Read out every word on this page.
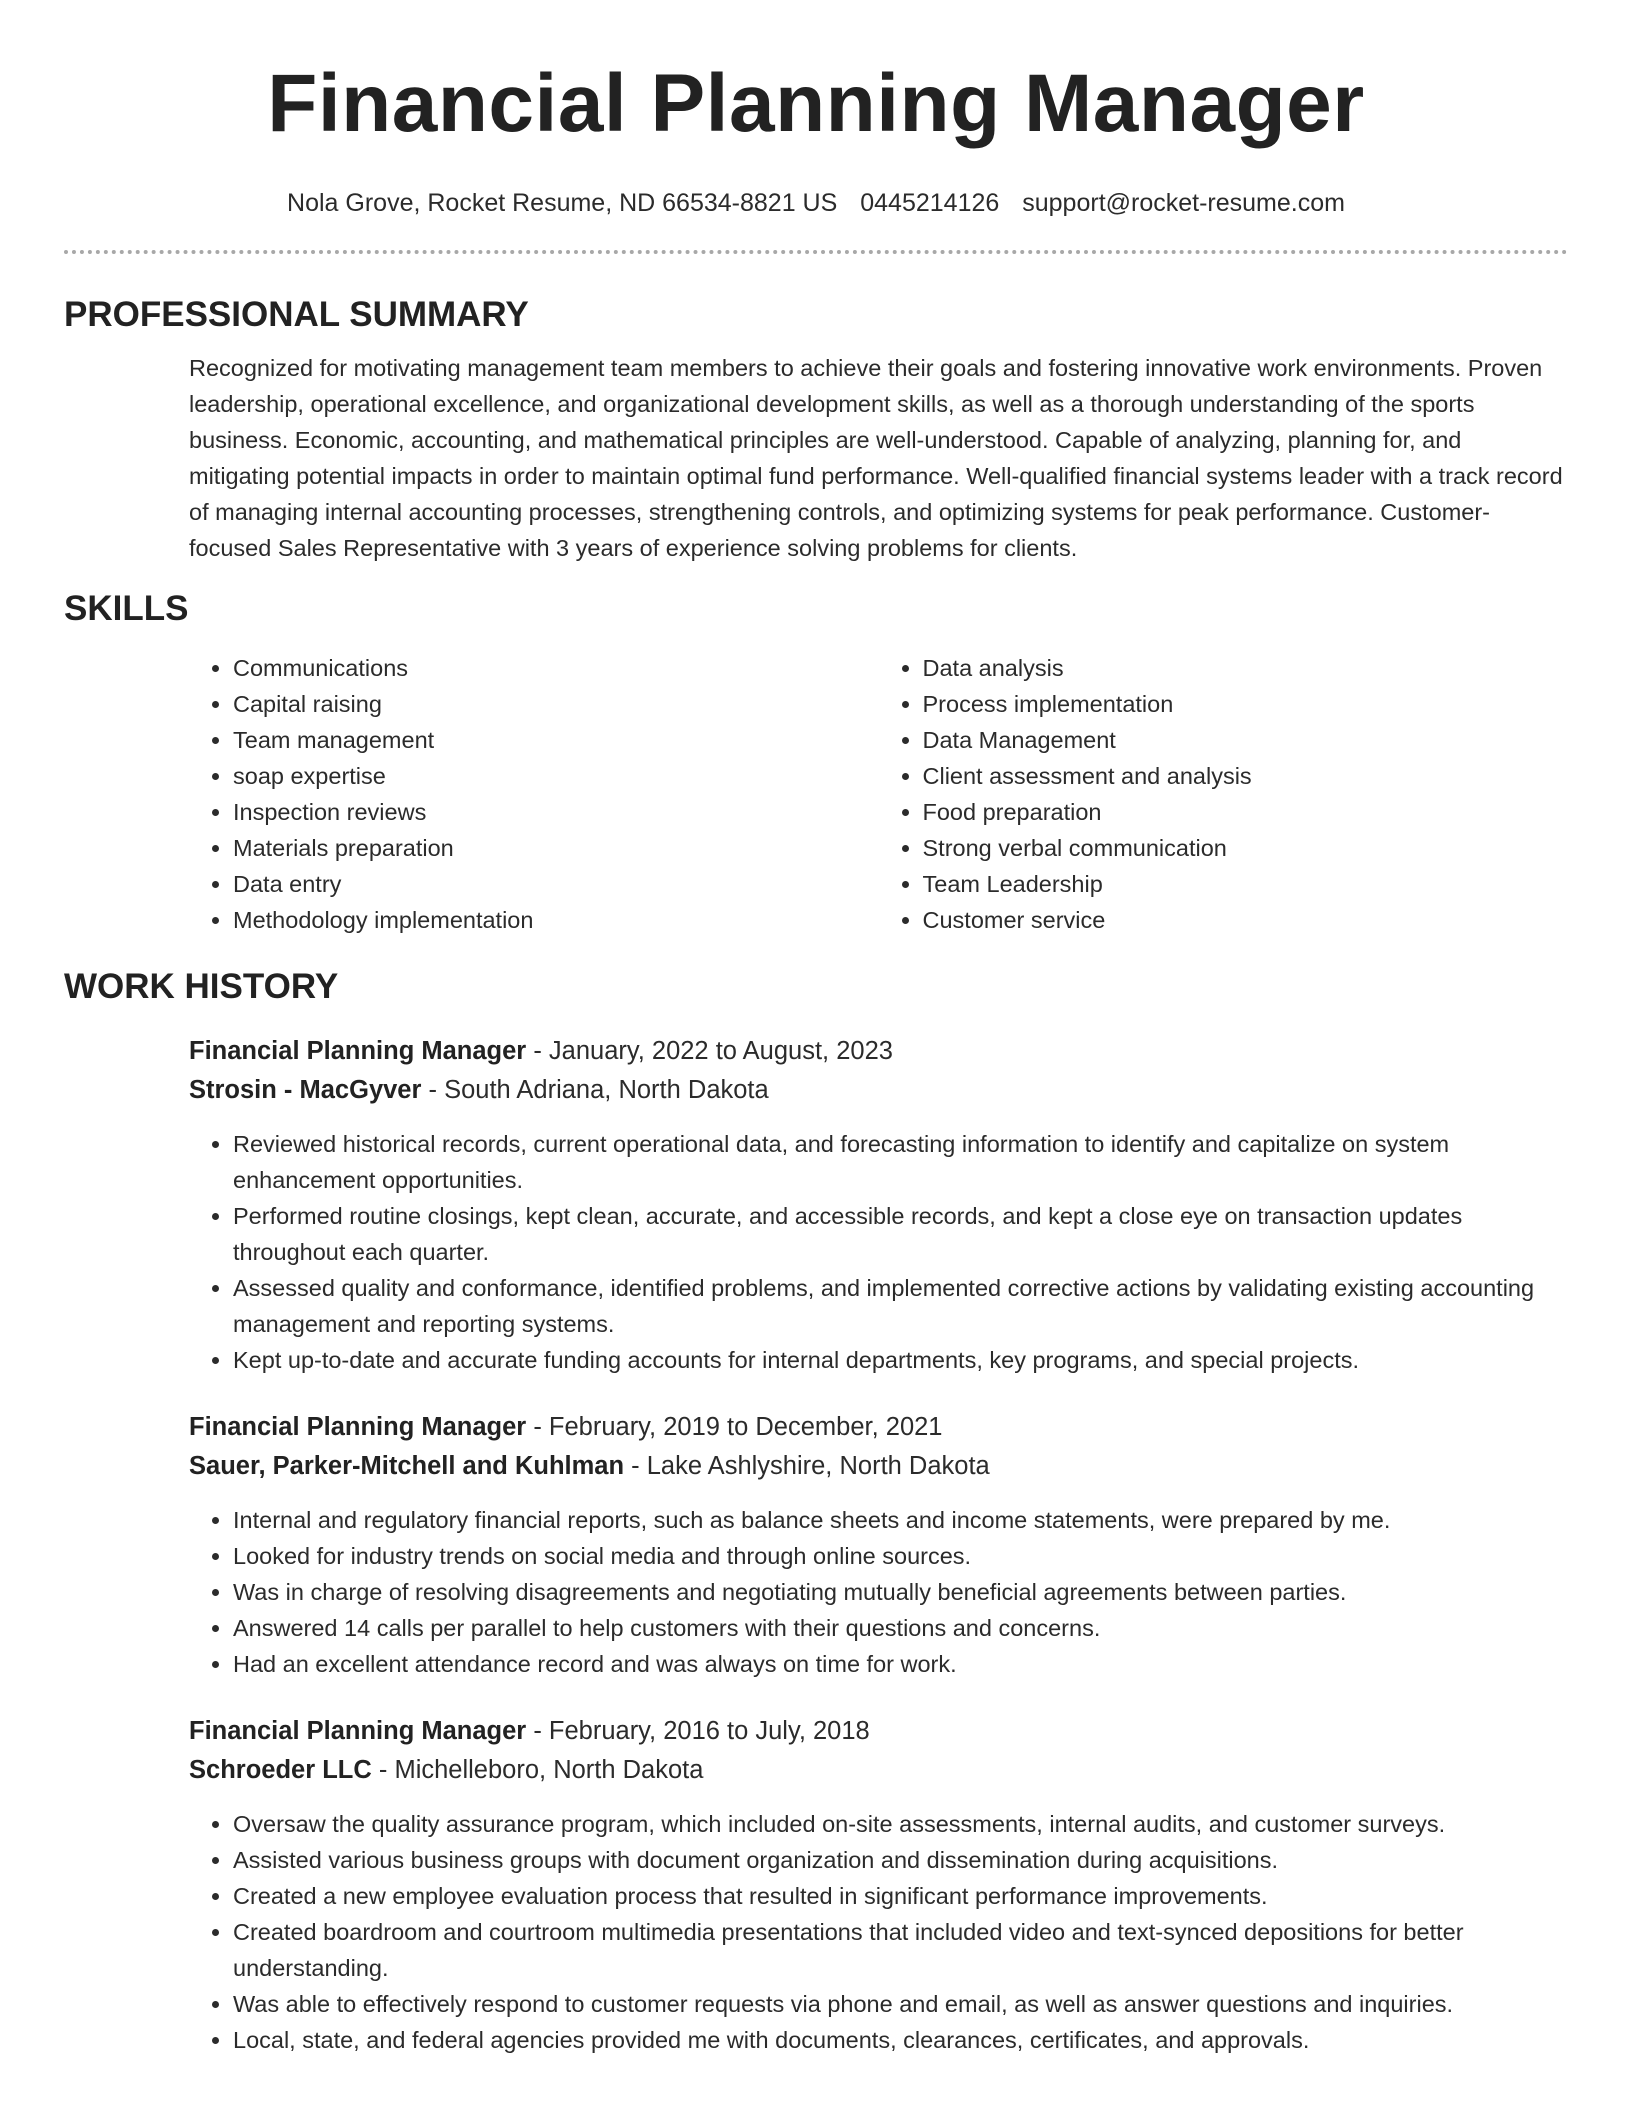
Financial Planning Manager
Nola Grove, Rocket Resume, ND 66534-8821 US 0445214126 support@rocket-resume.com
PROFESSIONAL SUMMARY

Recognized for motivating management team members to achieve their goals and fostering innovative work environments. Proven leadership, operational excellence, and organizational development skills, as well as a thorough understanding of the sports business. Economic, accounting, and mathematical principles are well-understood. Capable of analyzing, planning for, and mitigating potential impacts in order to maintain optimal fund performance. Well-qualified financial systems leader with a track record of managing internal accounting processes, strengthening controls, and optimizing systems for peak performance. Customer-focused Sales Representative with 3 years of experience solving problems for clients.

SKILLS
• Communications
• Capital raising
• Team management
• soap expertise
• Inspection reviews
• Materials preparation
• Data entry
• Methodology implementation
• Data analysis
• Process implementation
• Data Management
• Client assessment and analysis
• Food preparation
• Strong verbal communication
• Team Leadership
• Customer service
WORK HISTORY
Financial Planning Manager - January, 2022 to August, 2023
Strosin - MacGyver - South Adriana, North Dakota
• Reviewed historical records, current operational data, and forecasting information to identify and capitalize on system enhancement opportunities.
• Performed routine closings, kept clean, accurate, and accessible records, and kept a close eye on transaction updates throughout each quarter.
• Assessed quality and conformance, identified problems, and implemented corrective actions by validating existing accounting management and reporting systems.
• Kept up-to-date and accurate funding accounts for internal departments, key programs, and special projects.
Financial Planning Manager - February, 2019 to December, 2021
Sauer, Parker-Mitchell and Kuhlman - Lake Ashlyshire, North Dakota
• Internal and regulatory financial reports, such as balance sheets and income statements, were prepared by me.
• Looked for industry trends on social media and through online sources.
• Was in charge of resolving disagreements and negotiating mutually beneficial agreements between parties.
• Answered 14 calls per parallel to help customers with their questions and concerns.
• Had an excellent attendance record and was always on time for work.
Financial Planning Manager - February, 2016 to July, 2018
Schroeder LLC - Michelleboro, North Dakota
• Oversaw the quality assurance program, which included on-site assessments, internal audits, and customer surveys.
• Assisted various business groups with document organization and dissemination during acquisitions.
• Created a new employee evaluation process that resulted in significant performance improvements.
• Created boardroom and courtroom multimedia presentations that included video and text-synced depositions for better understanding.
• Was able to effectively respond to customer requests via phone and email, as well as answer questions and inquiries.
• Local, state, and federal agencies provided me with documents, clearances, certificates, and approvals.
